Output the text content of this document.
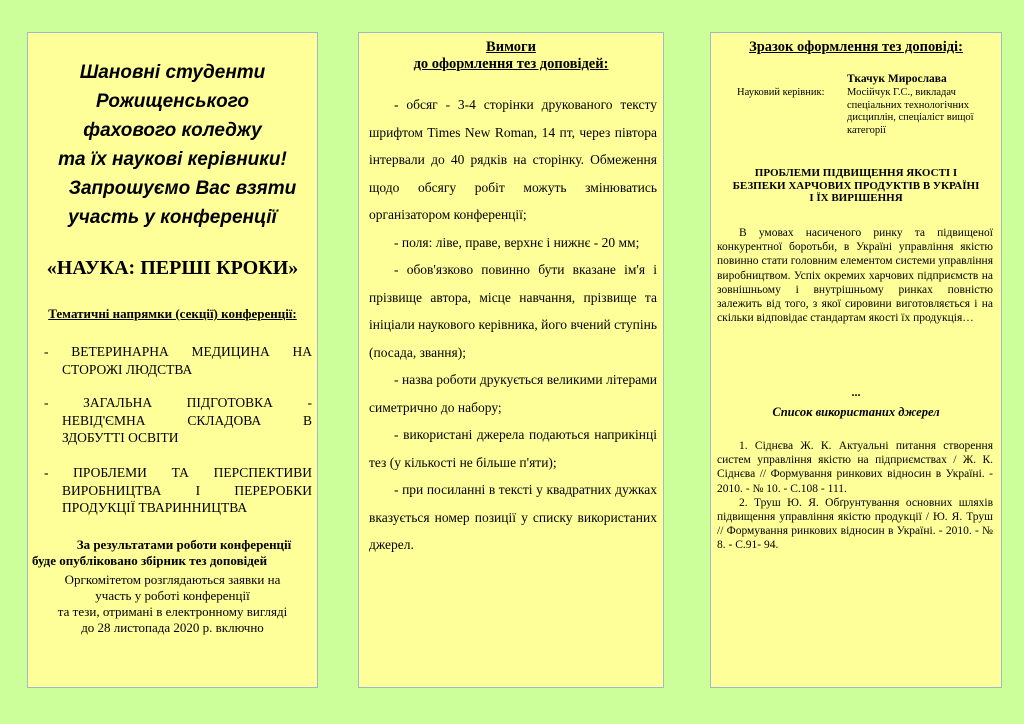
Шановні студенти
Рожищенського
фахового коледжу
та їх наукові керівники!
Запрошуємо Вас взяти
участь у конференції
«НАУКА: ПЕРШІ КРОКИ»
Тематичні напрямки (секції) конференції:
- ВЕТЕРИНАРНА МЕДИЦИНА НА
СТОРОЖІ ЛЮДСТВА
- ЗАГАЛЬНА ПІДГОТОВКА -
НЕВІД'ЄМНА СКЛАДОВА В
ЗДОБУТТІ ОСВІТИ
- ПРОБЛЕМИ ТА ПЕРСПЕКТИВИ
ВИРОБНИЦТВА І ПЕРЕРОБКИ
ПРОДУКЦІЇ ТВАРИННИЦТВА
За результатами роботи конференції
буде опубліковано збірник тез доповідей
Оргкомітетом розглядаються заявки на
участь у роботі конференції
та тези, отримані в електронному вигляді
до 28 листопада 2020 р. включно
Вимоги
до оформлення тез доповідей:

- обсяг - 3-4 сторінки друкованого тексту шрифтом Times New Roman, 14 пт, через півтора інтервали до 40 рядків на сторінку. Обмеження щодо обсягу робіт можуть змінюватись організатором конференції;

- поля: ліве, праве, верхнє і нижнє - 20 мм;

- обов'язково повинно бути вказане ім'я і прізвище автора, місце навчання, прізвище та ініціали наукового керівника, його вчений ступінь (посада, звання);

- назва роботи друкується великими літерами симетрично до набору;

- використані джерела подаються наприкінці тез (у кількості не більше п'яти);

- при посиланні в тексті у квадратних дужках вказується номер позиції у списку використаних джерел.

Зразок оформлення тез доповіді:
Ткачук Мирослава
Науковий керівник: Мосійчук Г.С., викладач
спеціальних технологічних
дисциплін, спеціаліст вищої
категорії
ПРОБЛЕМИ ПІДВИЩЕННЯ ЯКОСТІ І БЕЗПЕКИ ХАРЧОВИХ ПРОДУКТІВ В УКРАЇНІ І ЇХ ВИРІШЕННЯ

В умовах насиченого ринку та підвищеної конкурентної боротьби, в Україні управління якістю повинно стати головним елементом системи управління виробництвом. Успіх окремих харчових підприємств на зовнішньому і внутрішньому ринках повністю залежить від того, з якої сировини виготовляється і на скільки відповідає стандартам якості їх продукція…

...
Список використаних джерел

1. Сіднєва Ж. К. Актуальні питання створення систем управління якістю на підприємствах / Ж. К. Сіднєва // Формування ринкових відносин в Україні. - 2010. - № 10. - С.108 - 111.

2. Труш Ю. Я. Обґрунтування основних шляхів підвищення управління якістю продукції / Ю. Я. Труш // Формування ринкових відносин в Україні. - 2010. - № 8. - С.91- 94.
